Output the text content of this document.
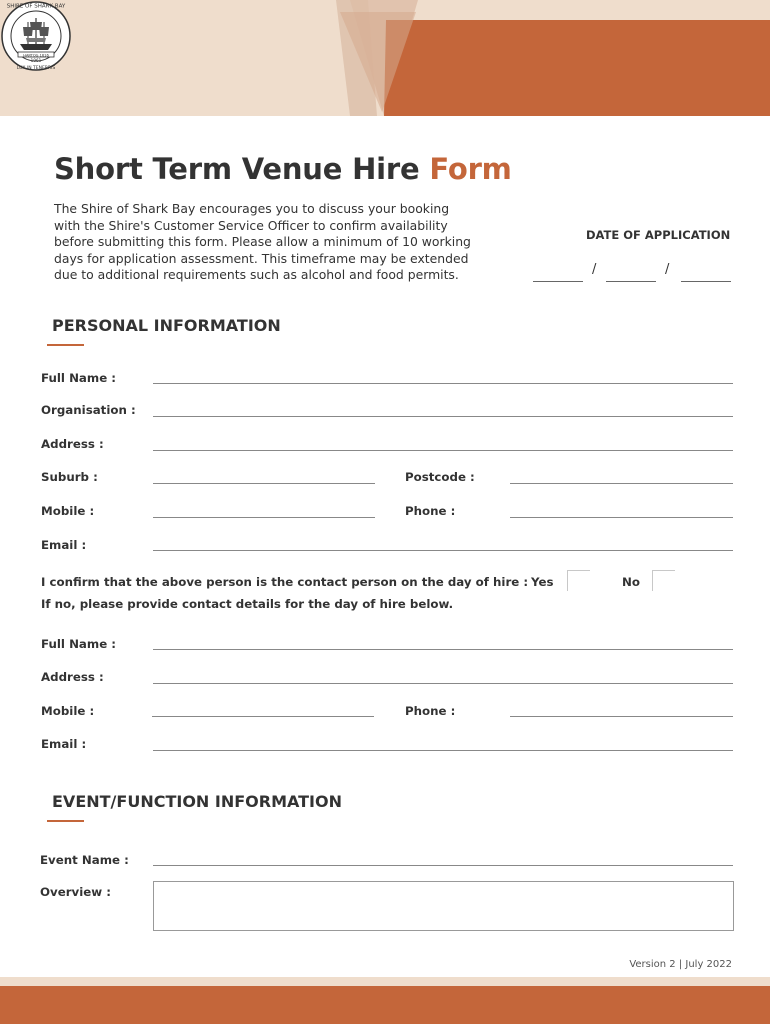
SHIRE OF SHARK BAY
HARTOG 1616
1961
LUX IN TENEBRIS
Short Term Venue Hire Form
The Shire of Shark Bay encourages you to discuss your booking
with the Shire's Customer Service Officer to confirm availability
before submitting this form. Please allow a minimum of 10 working
days for application assessment. This timeframe may be extended
due to additional requirements such as alcohol and food permits.
DATE OF APPLICATION
/	/
PERSONAL INFORMATION
Full Name :
Organisation :
Address :
Suburb :	Postcode :
Mobile :	Phone :
Email :
I confirm that the above person is the contact person on the day of hire : Yes	No
If no, please provide contact details for the day of hire below.
Full Name :
Address :
Mobile :	Phone :
Email :
EVENT/FUNCTION INFORMATION
Event Name :
Overview :
Version 2 | July 2022
